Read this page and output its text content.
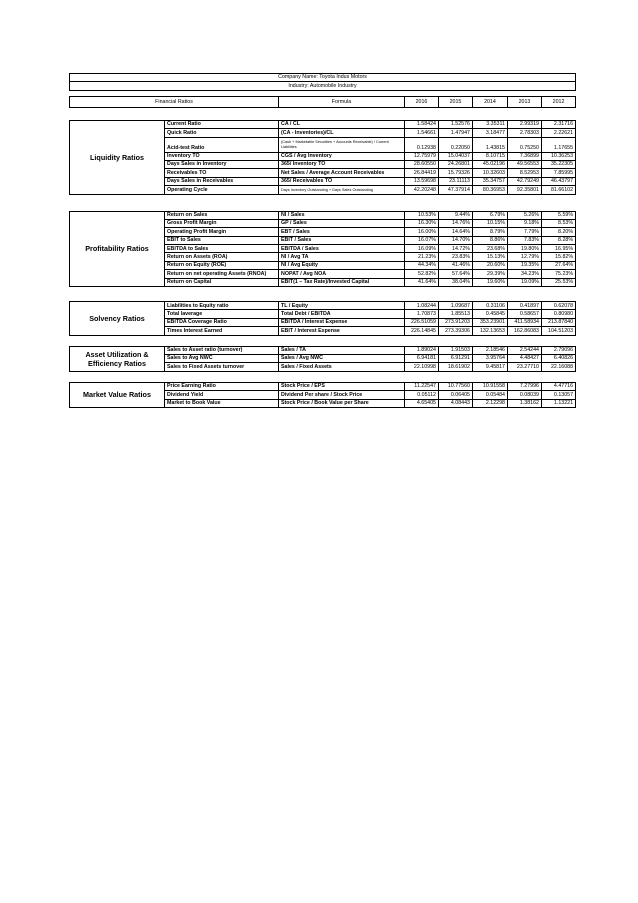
Company Name: Toyota Indus Motors							
Industry: Automobile Industry							

Financial Ratios		Formula	2016	2015	2014	2013	2012

Liquidity Ratios	Current Ratio	CA / CL	1.58424	1.52576	3.35311	2.99319	2.31716
	Quick Ratio	(CA - Inventories)/CL	1.54661	1.47947	3.18477	2.78303	2.22621
	Acid-test Ratio	(Cash + Marketable Securities + Accounts Receivable) / Current Liabilities	0.12938	0.22050	1.43815	0.75250	1.17655
	Inventory TO	CGS / Avg Inventory	12.75979	15.04037	8.10715	7.36899	10.36253
	Days Sales in Inventory	365/ Inventory TO	28.60550	24.26801	45.02196	49.56553	35.22305
	Receivables TO	Net Sales / Average Account Receivables	26.84419	15.79326	10.32603	8.52953	7.85995
	Days Sales in Receivables	365/ Receivables TO	13.59698	23.11113	35.34757	42.79249	46.43797
	Operating Cycle	Days Inventory Outstanding + Days Sales Outstanding	42.20248	47.37914	80.36953	92.35801	81.66102

Profitability Ratios	Return on Sales	NI / Sales	10.53%	9.44%	6.79%	5.26%	5.59%
	Gross Profit Margin	GP / Sales	16.30%	14.76%	10.15%	9.18%	8.53%
	Operating Profit Margin	EBT / Sales	16.00%	14.64%	8.79%	7.79%	8.20%
	EBIT to Sales	EBIT / Sales	16.07%	14.70%	8.86%	7.83%	8.28%
	EBITDA to Sales	EBITDA / Sales	16.09%	14.72%	23.68%	19.80%	16.95%
	Return on Assets (ROA)	NI / Avg TA	21.23%	23.83%	15.13%	12.79%	15.82%
	Return on Equity (ROE)	NI / Avg Equity	44.34%	41.46%	20.60%	19.35%	27.64%
	Return on net operating Assets (RNOA)	NOPAT / Avg NOA	52.82%	57.64%	29.39%	34.23%	75.23%
	Return on Capital	EBIT(1 – Tax Rate)/Invested Capital	41.64%	38.04%	19.60%	19.09%	25.53%

Solvency Ratios	Liabilities to Equity ratio	TL / Equity	1.08244	1.09687	0.31106	0.41897	0.62078
	Total laverage	Total Debt / EBITDA	1.70873	1.85513	0.45845	0.58657	0.80980
	EBITDA Coverage Ratio	EBITDA / Interest Expense	226.51059	273.91203	353.23901	411.58934	213.87840
	Times Interest Earned	EBIT / Interest Expense	226.14845	273.39306	132.13653	162.86083	104.51203

Asset Utilization & Efficiency Ratios	Sales to Asset ratio (turnover)	Sales / TA	1.89024	1.91503	2.18546	2.54244	2.79096
	Sales to Avg NWC	Sales / Avg NWC	6.94181	6.91291	3.95764	4.48427	6.40826
	Sales to Fixed Assets turnover	Sales / Fixed Assets	22.10998	18.61902	9.45817	23.27710	22.16088

Market Value Ratios	Price Earning Ratio	Stock Price / EPS	11.22547	10.77560	10.91558	7.27996	4.47716
	Dividend Yield	Dividend Per share / Stock Price	0.05112	0.06405	0.05484	0.08039	0.13057
	Market to Book Value	Stock Price / Book Value per Share	4.65405	4.08443	2.12298	1.38162	1.13221
